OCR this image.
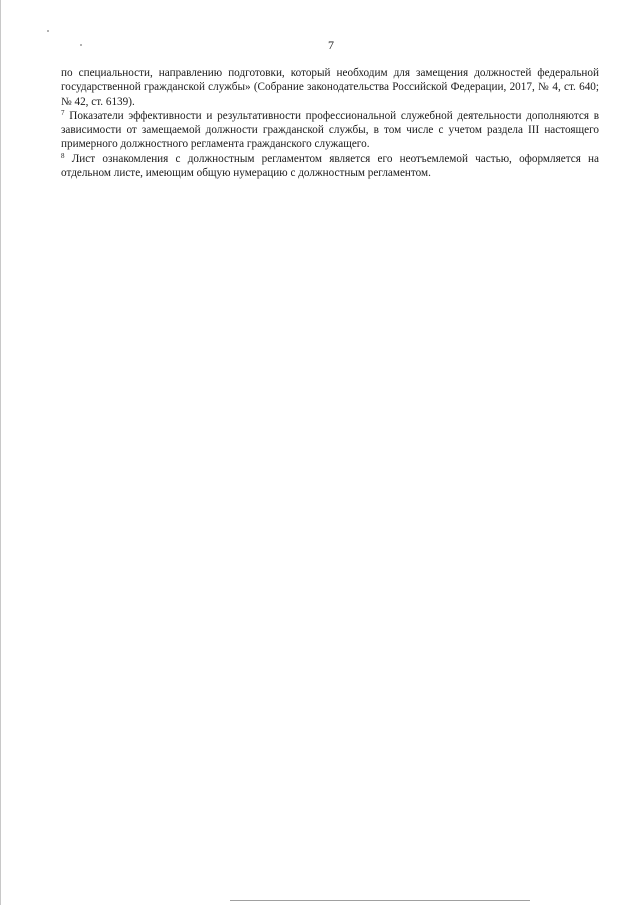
7

по специальности, направлению подготовки, который необходим для замещения должностей федеральной государственной гражданской службы» (Собрание законодательства Российской Федерации, 2017, № 4, ст. 640; № 42, ст. 6139).

$^7$ Показатели эффективности и результативности профессиональной служебной деятельности дополняются в зависимости от замещаемой должности гражданской службы, в том числе с учетом раздела III настоящего примерного должностного регламента гражданского служащего.

$^8$ Лист ознакомления с должностным регламентом является его неотъемлемой частью, оформляется на отдельном листе, имеющим общую нумерацию с должностным регламентом.
